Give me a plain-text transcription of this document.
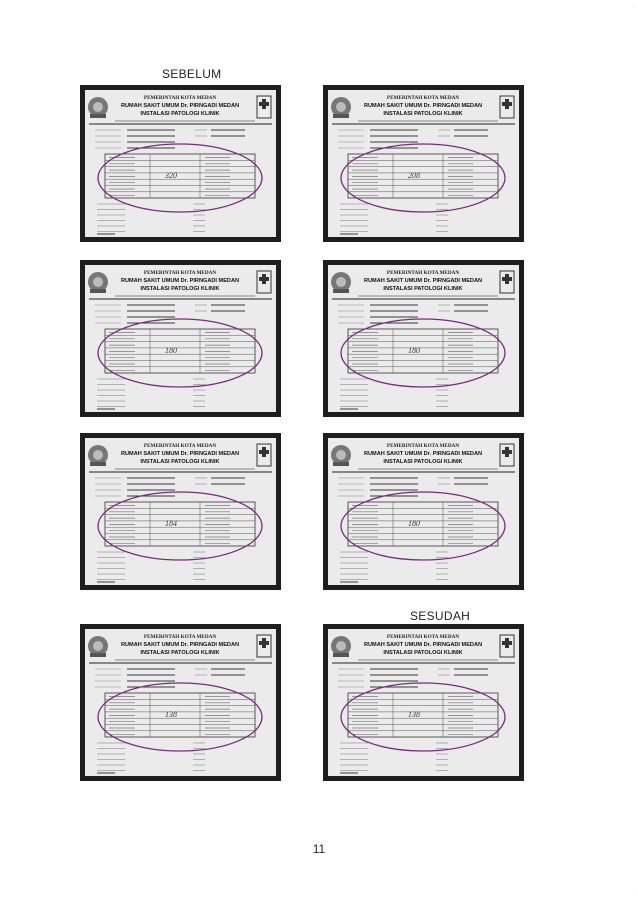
·
SEBELUM
SESUDAH
PEMERINTAH KOTA MEDAN
RUMAH SAKIT UMUM Dr. PIRNGADI MEDAN
INSTALASI PATOLOGI KLINIK
320
PEMERINTAH KOTA MEDAN
RUMAH SAKIT UMUM Dr. PIRNGADI MEDAN
INSTALASI PATOLOGI KLINIK
208
PEMERINTAH KOTA MEDAN
RUMAH SAKIT UMUM Dr. PIRNGADI MEDAN
INSTALASI PATOLOGI KLINIK
180
PEMERINTAH KOTA MEDAN
RUMAH SAKIT UMUM Dr. PIRNGADI MEDAN
INSTALASI PATOLOGI KLINIK
180
PEMERINTAH KOTA MEDAN
RUMAH SAKIT UMUM Dr. PIRNGADI MEDAN
INSTALASI PATOLOGI KLINIK
184
PEMERINTAH KOTA MEDAN
RUMAH SAKIT UMUM Dr. PIRNGADI MEDAN
INSTALASI PATOLOGI KLINIK
180
PEMERINTAH KOTA MEDAN
RUMAH SAKIT UMUM Dr. PIRNGADI MEDAN
INSTALASI PATOLOGI KLINIK
138
PEMERINTAH KOTA MEDAN
RUMAH SAKIT UMUM Dr. PIRNGADI MEDAN
INSTALASI PATOLOGI KLINIK
138
11
·
